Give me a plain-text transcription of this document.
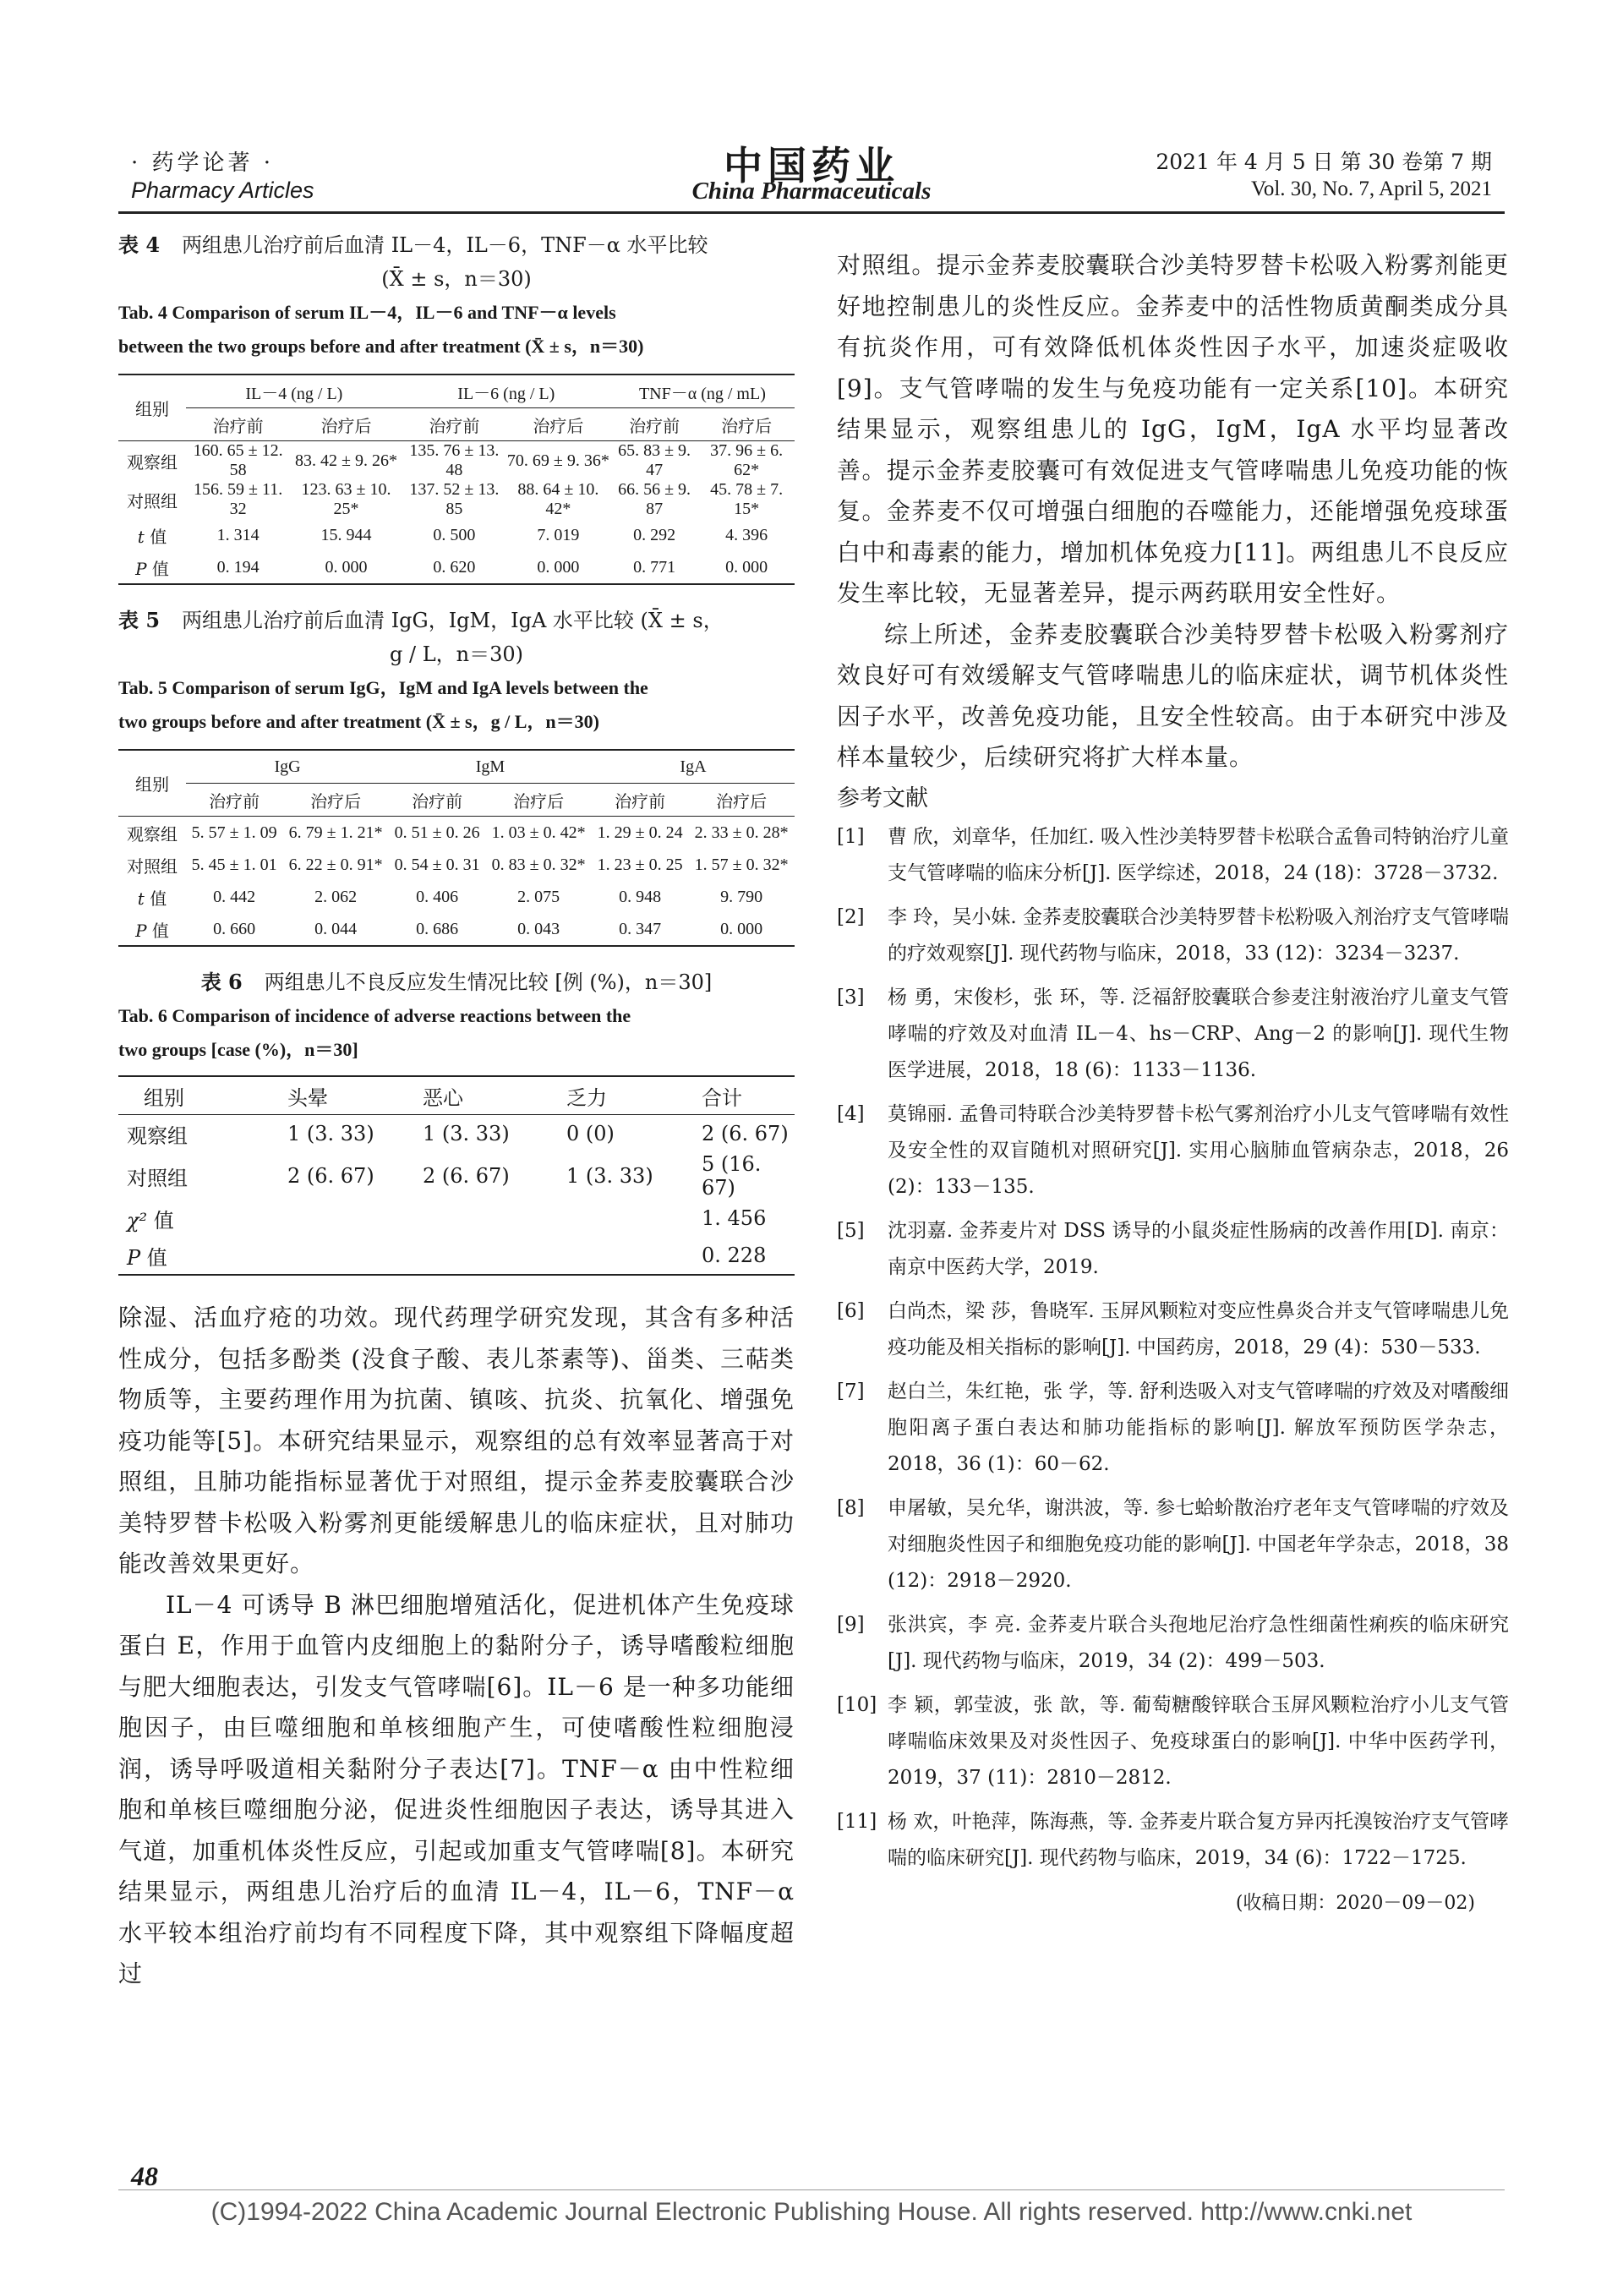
· 药学论著 ·
Pharmacy Articles
中国药业
China Pharmaceuticals
2021 年 4 月 5 日 第 30 卷第 7 期
Vol. 30, No. 7, April 5, 2021
表 4 两组患儿治疗前后血清 IL－4，IL－6，TNF－α 水平比较
(X̄ ± s，n＝30)
Tab. 4 Comparison of serum IL－4，IL－6 and TNF－α levels
between the two groups before and after treatment (X̄ ± s，n＝30)
组别	IL－4 (ng / L)		IL－6 (ng / L)		TNF－α (ng / mL)	
	治疗前	治疗后	治疗前	治疗后	治疗前	治疗后
观察组	160. 65 ± 12. 58	83. 42 ± 9. 26*	135. 76 ± 13. 48	70. 69 ± 9. 36*	65. 83 ± 9. 47	37. 96 ± 6. 62*
对照组	156. 59 ± 11. 32	123. 63 ± 10. 25*	137. 52 ± 13. 85	88. 64 ± 10. 42*	66. 56 ± 9. 87	45. 78 ± 7. 15*
t 值	1. 314	15. 944	0. 500	7. 019	0. 292	4. 396
P 值	0. 194	0. 000	0. 620	0. 000	0. 771	0. 000
表 5 两组患儿治疗前后血清 IgG，IgM，IgA 水平比较 (X̄ ± s，
g / L，n＝30)
Tab. 5 Comparison of serum IgG，IgM and IgA levels between the
two groups before and after treatment (X̄ ± s，g / L，n＝30)
组别	IgG		IgM		IgA	
	治疗前	治疗后	治疗前	治疗后	治疗前	治疗后
观察组	5. 57 ± 1. 09	6. 79 ± 1. 21*	0. 51 ± 0. 26	1. 03 ± 0. 42*	1. 29 ± 0. 24	2. 33 ± 0. 28*
对照组	5. 45 ± 1. 01	6. 22 ± 0. 91*	0. 54 ± 0. 31	0. 83 ± 0. 32*	1. 23 ± 0. 25	1. 57 ± 0. 32*
t 值	0. 442	2. 062	0. 406	2. 075	0. 948	9. 790
P 值	0. 660	0. 044	0. 686	0. 043	0. 347	0. 000
表 6 两组患儿不良反应发生情况比较 [例 (%)，n＝30]
Tab. 6 Comparison of incidence of adverse reactions between the
two groups [case (%)，n＝30]
组别	头晕	恶心	乏力	合计
观察组	1 (3. 33)	1 (3. 33)	0 (0)	2 (6. 67)
对照组	2 (6. 67)	2 (6. 67)	1 (3. 33)	5 (16. 67)
χ² 值				1. 456
P 值				0. 228
除湿、活血疗疮的功效。现代药理学研究发现，其含有多种活性成分，包括多酚类 (没食子酸、表儿茶素等)、甾类、三萜类物质等，主要药理作用为抗菌、镇咳、抗炎、抗氧化、增强免疫功能等[5]。本研究结果显示，观察组的总有效率显著高于对照组，且肺功能指标显著优于对照组，提示金荞麦胶囊联合沙美特罗替卡松吸入粉雾剂更能缓解患儿的临床症状，且对肺功能改善效果更好。
IL－4 可诱导 B 淋巴细胞增殖活化，促进机体产生免疫球蛋白 E，作用于血管内皮细胞上的黏附分子，诱导嗜酸粒细胞与肥大细胞表达，引发支气管哮喘[6]。IL－6 是一种多功能细胞因子，由巨噬细胞和单核细胞产生，可使嗜酸性粒细胞浸润，诱导呼吸道相关黏附分子表达[7]。TNF－α 由中性粒细胞和单核巨噬细胞分泌，促进炎性细胞因子表达，诱导其进入气道，加重机体炎性反应，引起或加重支气管哮喘[8]。本研究结果显示，两组患儿治疗后的血清 IL－4，IL－6，TNF－α 水平较本组治疗前均有不同程度下降，其中观察组下降幅度超过
对照组。提示金荞麦胶囊联合沙美特罗替卡松吸入粉雾剂能更好地控制患儿的炎性反应。金荞麦中的活性物质黄酮类成分具有抗炎作用，可有效降低机体炎性因子水平，加速炎症吸收[9]。支气管哮喘的发生与免疫功能有一定关系[10]。本研究结果显示，观察组患儿的 IgG，IgM，IgA 水平均显著改善。提示金荞麦胶囊可有效促进支气管哮喘患儿免疫功能的恢复。金荞麦不仅可增强白细胞的吞噬能力，还能增强免疫球蛋白中和毒素的能力，增加机体免疫力[11]。两组患儿不良反应发生率比较，无显著差异，提示两药联用安全性好。
综上所述，金荞麦胶囊联合沙美特罗替卡松吸入粉雾剂疗效良好可有效缓解支气管哮喘患儿的临床症状，调节机体炎性因子水平，改善免疫功能，且安全性较高。由于本研究中涉及样本量较少，后续研究将扩大样本量。
参考文献
[1] 曹 欣，刘章华，任加红. 吸入性沙美特罗替卡松联合孟鲁司特钠治疗儿童支气管哮喘的临床分析[J]. 医学综述，2018，24 (18)：3728－3732.
[2] 李 玲，吴小妹. 金荞麦胶囊联合沙美特罗替卡松粉吸入剂治疗支气管哮喘的疗效观察[J]. 现代药物与临床，2018，33 (12)：3234－3237.
[3] 杨 勇，宋俊杉，张 环，等. 泛福舒胶囊联合参麦注射液治疗儿童支气管哮喘的疗效及对血清 IL－4、hs－CRP、Ang－2 的影响[J]. 现代生物医学进展，2018，18 (6)：1133－1136.
[4] 莫锦丽. 孟鲁司特联合沙美特罗替卡松气雾剂治疗小儿支气管哮喘有效性及安全性的双盲随机对照研究[J]. 实用心脑肺血管病杂志，2018，26 (2)：133－135.
[5] 沈羽嘉. 金荞麦片对 DSS 诱导的小鼠炎症性肠病的改善作用[D]. 南京：南京中医药大学，2019.
[6] 白尚杰，梁 莎，鲁晓军. 玉屏风颗粒对变应性鼻炎合并支气管哮喘患儿免疫功能及相关指标的影响[J]. 中国药房，2018，29 (4)：530－533.
[7] 赵白兰，朱红艳，张 学，等. 舒利迭吸入对支气管哮喘的疗效及对嗜酸细胞阳离子蛋白表达和肺功能指标的影响[J]. 解放军预防医学杂志，2018，36 (1)：60－62.
[8] 申屠敏，吴允华，谢洪波，等. 参七蛤蚧散治疗老年支气管哮喘的疗效及对细胞炎性因子和细胞免疫功能的影响[J]. 中国老年学杂志，2018，38 (12)：2918－2920.
[9] 张洪宾，李 亮. 金荞麦片联合头孢地尼治疗急性细菌性痢疾的临床研究[J]. 现代药物与临床，2019，34 (2)：499－503.
[10] 李 颖，郭莹波，张 歆，等. 葡萄糖酸锌联合玉屏风颗粒治疗小儿支气管哮喘临床效果及对炎性因子、免疫球蛋白的影响[J]. 中华中医药学刊，2019，37 (11)：2810－2812.
[11] 杨 欢，叶艳萍，陈海燕，等. 金荞麦片联合复方异丙托溴铵治疗支气管哮喘的临床研究[J]. 现代药物与临床，2019，34 (6)：1722－1725.
(收稿日期：2020－09－02)
48
(C)1994-2022 China Academic Journal Electronic Publishing House. All rights reserved. http://www.cnki.net
